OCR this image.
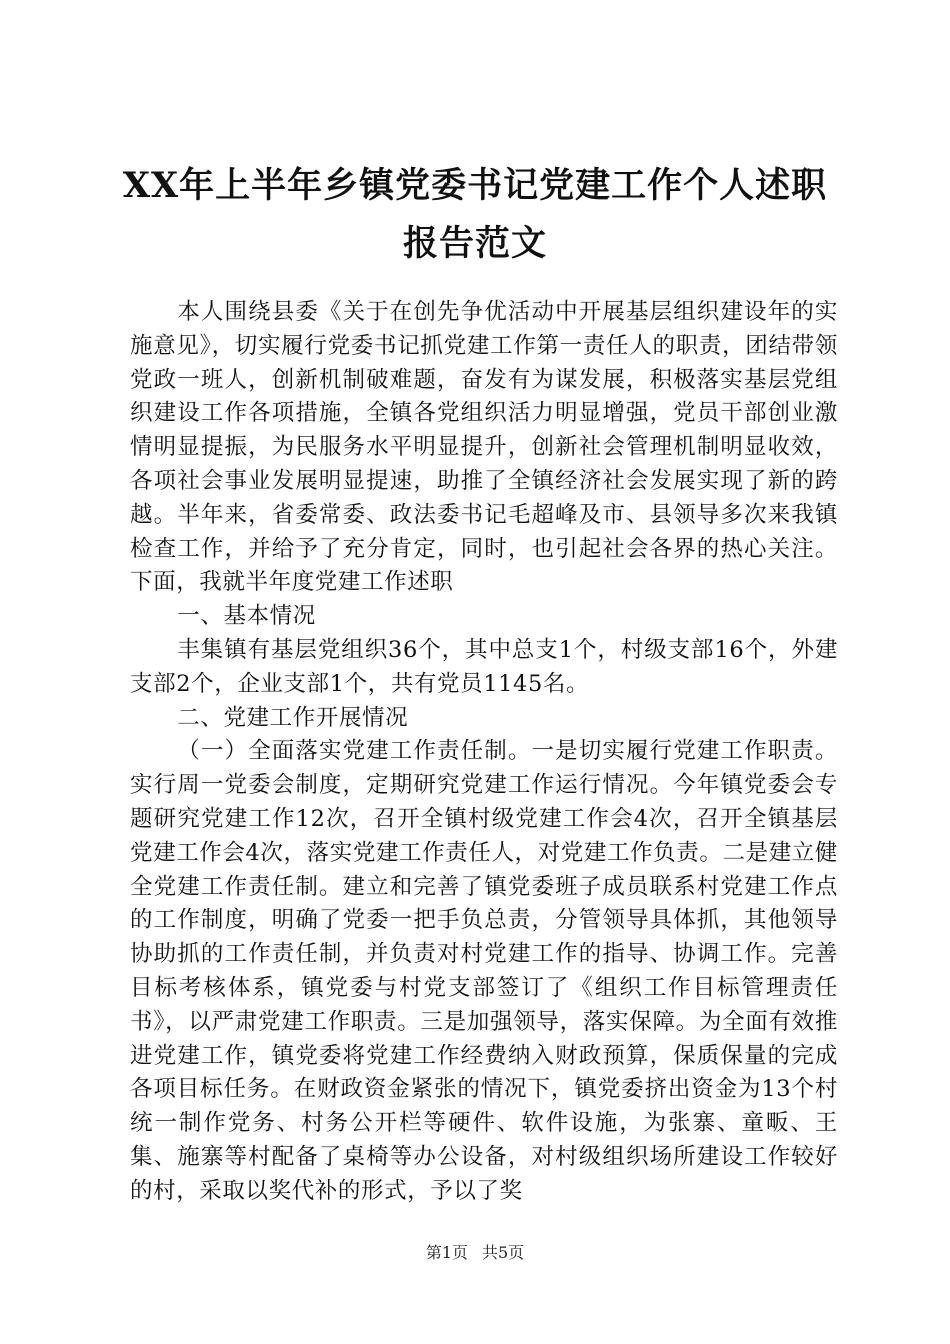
XX年上半年乡镇党委书记党建工作个人述职
报告范文

本人围绕县委《关于在创先争优活动中开展基层组织建设年的实施意见》，切实履行党委书记抓党建工作第一责任人的职责，团结带领党政一班人，创新机制破难题，奋发有为谋发展，积极落实基层党组织建设工作各项措施，全镇各党组织活力明显增强，党员干部创业激情明显提振，为民服务水平明显提升，创新社会管理机制明显收效，各项社会事业发展明显提速，助推了全镇经济社会发展实现了新的跨越。半年来，省委常委、政法委书记毛超峰及市、县领导多次来我镇检查工作，并给予了充分肯定，同时，也引起社会各界的热心关注。下面，我就半年度党建工作述职

一、基本情况

丰集镇有基层党组织36个，其中总支1个，村级支部16个，外建支部2个，企业支部1个，共有党员1145名。

二、党建工作开展情况

（一）全面落实党建工作责任制。一是切实履行党建工作职责。实行周一党委会制度，定期研究党建工作运行情况。今年镇党委会专题研究党建工作12次，召开全镇村级党建工作会4次，召开全镇基层党建工作会4次，落实党建工作责任人，对党建工作负责。二是建立健全党建工作责任制。建立和完善了镇党委班子成员联系村党建工作点的工作制度，明确了党委一把手负总责，分管领导具体抓，其他领导协助抓的工作责任制，并负责对村党建工作的指导、协调工作。完善目标考核体系，镇党委与村党支部签订了《组织工作目标管理责任书》，以严肃党建工作职责。三是加强领导，落实保障。为全面有效推进党建工作，镇党委将党建工作经费纳入财政预算，保质保量的完成各项目标任务。在财政资金紧张的情况下，镇党委挤出资金为13个村统一制作党务、村务公开栏等硬件、软件设施，为张寨、童畈、王集、施寨等村配备了桌椅等办公设备，对村级组织场所建设工作较好的村，采取以奖代补的形式，予以了奖

第1页 共5页
